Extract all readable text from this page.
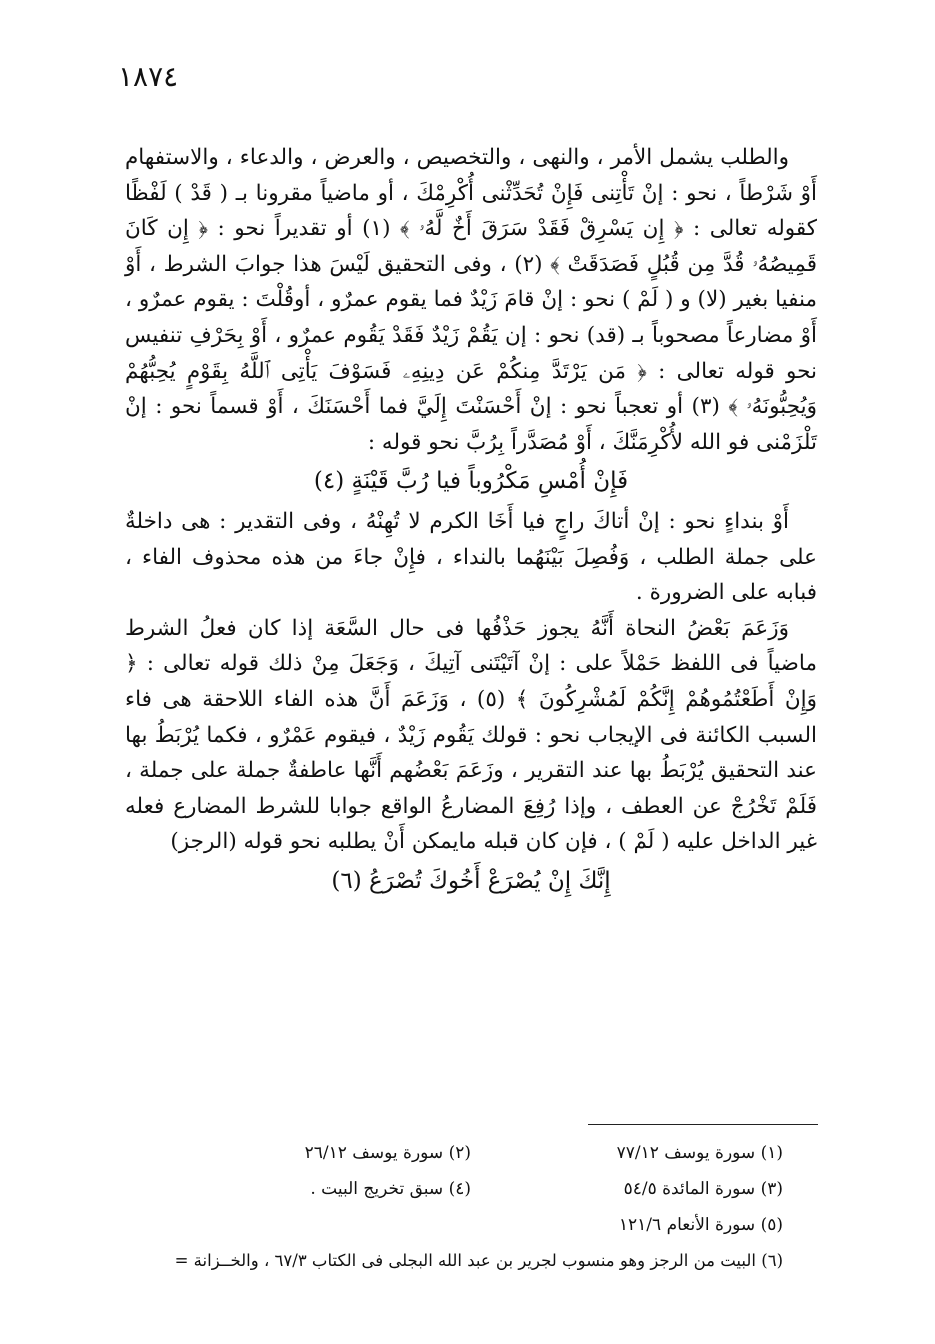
١٨٧٤

والطلب يشمل الأمر ، والنهى ، والتخصيص ، والعرض ، والدعاء ، والاستفهام أَوْ شَرْطاً ، نحو : إنْ تَأْتِنى فَإِنْ تُحَدِّثْنى أُكْرِمْكَ ، أو ماضياً مقرونا بـ ( قَدْ ) لَفْظًا كقوله تعالى : ﴿ إِن يَسْرِقْ فَقَدْ سَرَقَ أَخٌ لَّهُۥ ﴾ (١) أو تقديراً نحو : ﴿ إِن كَانَ قَمِيصُهُۥ قُدَّ مِن قُبُلٍ فَصَدَقَتْ ﴾ (٢) ، وفى التحقيق لَيْسَ هذا جوابَ الشرط ، أَوْ منفيا بغير (لا) و ( لَمْ ) نحو : إنْ قامَ زَيْدٌ فما يقوم عمرٌو ، أوقُلْتَ : يقوم عمرٌو ، أَوْ مضارعاً مصحوباً بـ (قد) نحو : إن يَقُمْ زَيْدٌ فَقَدْ يَقُوم عمرٌو ، أَوْ بِحَرْفِ تنفيس نحو قوله تعالى : ﴿ مَن يَرْتَدَّ مِنكُمْ عَن دِينِهِۦ فَسَوْفَ يَأْتِى ٱللَّهُ بِقَوْمٍ يُحِبُّهُمْ وَيُحِبُّونَهُۥ ﴾ (٣) أو تعجباً نحو : إنْ أَحْسَنْتَ إِلَيَّ فما أَحْسَنَكَ ، أَوْ قسماً نحو : إنْ تَلْزَمْنى فو الله لأُكْرِمَنَّكَ ، أَوْ مُصَدَّراً بِرُبَّ نحو قوله :

فَإِنْ أُمْسِ مَكْرُوباً فيا رُبَّ قَيْنَةٍ (٤)

أَوْ بنداءٍ نحو : إنْ أتاكَ راجٍ فيا أَخَا الكرم لا تُهِنْهُ ، وفى التقدير : هى داخلةٌ على جملة الطلب ، وَفُصِلَ بَيْنَهُما بالنداء ، فإِنْ جاءَ من هذه محذوف الفاء ، فبابه على الضرورة .

وَزَعَمَ بَعْضُ النحاة أَنَّهُ يجوز حَذْفُها فى حال السَّعَة إذا كان فعلُ الشرط ماضياً فى اللفظ حَمْلاً على : إنْ آتَيْتَنى آتِيكَ ، وَجَعَلَ مِنْ ذلك قوله تعالى : ﴿ وَإِنْ أَطَعْتُمُوهُمْ إِنَّكُمْ لَمُشْرِكُونَ ﴾ (٥) ، وَزَعَمَ أَنَّ هذه الفاء اللاحقة هى فاء السبب الكائنة فى الإيجاب نحو : قولك يَقُوم زَيْدٌ ، فيقوم عَمْرٌو ، فكما يُرْبَطُ بها عند التحقيق يُرْبَطُ بها عند التقرير ، وزَعَمَ بَعْضُهم أَنَّها عاطفةٌ جملة على جملة ، فَلَمْ تَخْرُجْ عن العطف ، وإذا رُفِعَ المضارعُ الواقع جوابا للشرط المضارع فعله غير الداخل عليه ( لَمْ ) ، فإن كان قبله مايمكن أَنْ يطلبه نحو قوله (الرجز)

إِنَّكَ إِنْ يُصْرَعْ أَخُوكَ تُصْرَعُ (٦)

(١) سورة يوسف ٧٧/١٢
(٢) سورة يوسف ٢٦/١٢
(٣) سورة المائدة ٥٤/٥
(٤) سبق تخريج البيت .
(٥) سورة الأنعام ١٢١/٦
(٦) البيت من الرجز وهو منسوب لجرير بن عبد الله البجلى فى الكتاب ٦٧/٣ ، والخــزانة =
